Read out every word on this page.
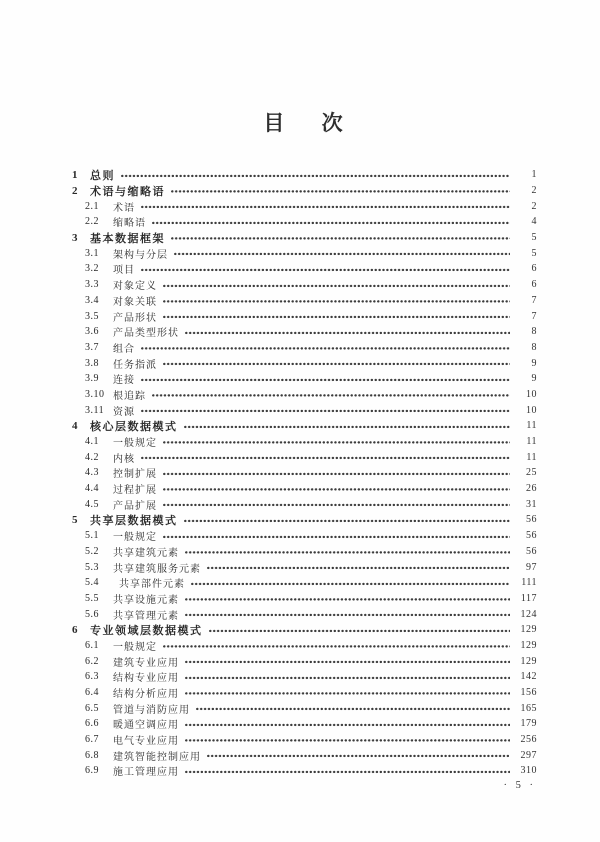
目 次
1	总则	1
2	术语与缩略语	2
2.1	术语	2
2.2	缩略语	4
3	基本数据框架	5
3.1	架构与分层	5
3.2	项目	6
3.3	对象定义	6
3.4	对象关联	7
3.5	产品形状	7
3.6	产品类型形状	8
3.7	组合	8
3.8	任务指派	9
3.9	连接	9
3.10 根追踪	10
3.11 资源	10
4	核心层数据模式	11
4.1	一般规定	11
4.2	内核	11
4.3	控制扩展	25
4.4	过程扩展	26
4.5	产品扩展	31
5	共享层数据模式	56
5.1	一般规定	56
5.2	共享建筑元素	56
5.3	共享建筑服务元素	97
5.4	共享部件元素	111
5.5	共享设施元素	117
5.6	共享管理元素	124
6	专业领域层数据模式	129
6.1	一般规定	129
6.2	建筑专业应用	129
6.3	结构专业应用	142
6.4	结构分析应用	156
6.5	管道与消防应用	165
6.6	暖通空调应用	179
6.7	电气专业应用	256
6.8	建筑智能控制应用	297
6.9	施工管理应用	310
· 5 ·
